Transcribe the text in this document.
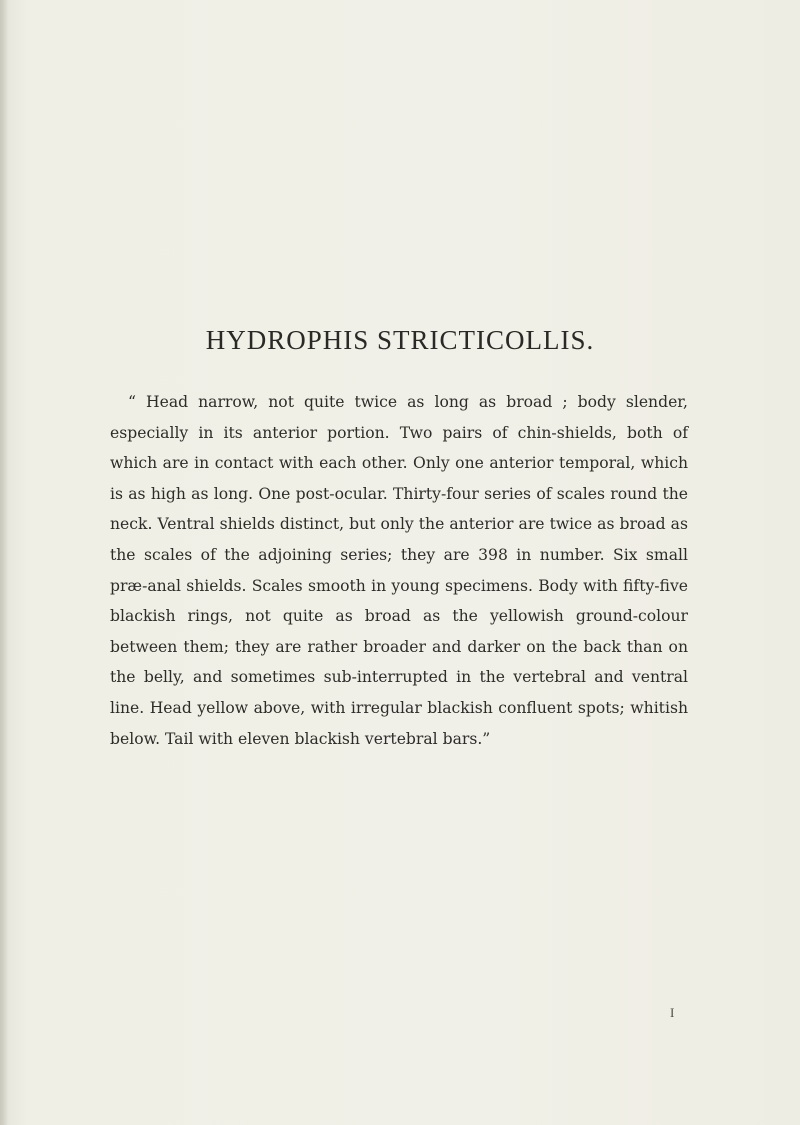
HYDROPHIS STRICTICOLLIS.

“ Head narrow, not quite twice as long as broad ; body slender, especially in its anterior portion. Two pairs of chin-shields, both of which are in contact with each other. Only one anterior temporal, which is as high as long. One post-ocular. Thirty-four series of scales round the neck. Ventral shields distinct, but only the anterior are twice as broad as the scales of the adjoining series; they are 398 in number. Six small præ-anal shields. Scales smooth in young specimens. Body with fifty-five blackish rings, not quite as broad as the yellowish ground-colour between them; they are rather broader and darker on the back than on the belly, and sometimes sub-interrupted in the vertebral and ventral line. Head yellow above, with irregular blackish confluent spots; whitish below. Tail with eleven blackish vertebral bars.”

I
